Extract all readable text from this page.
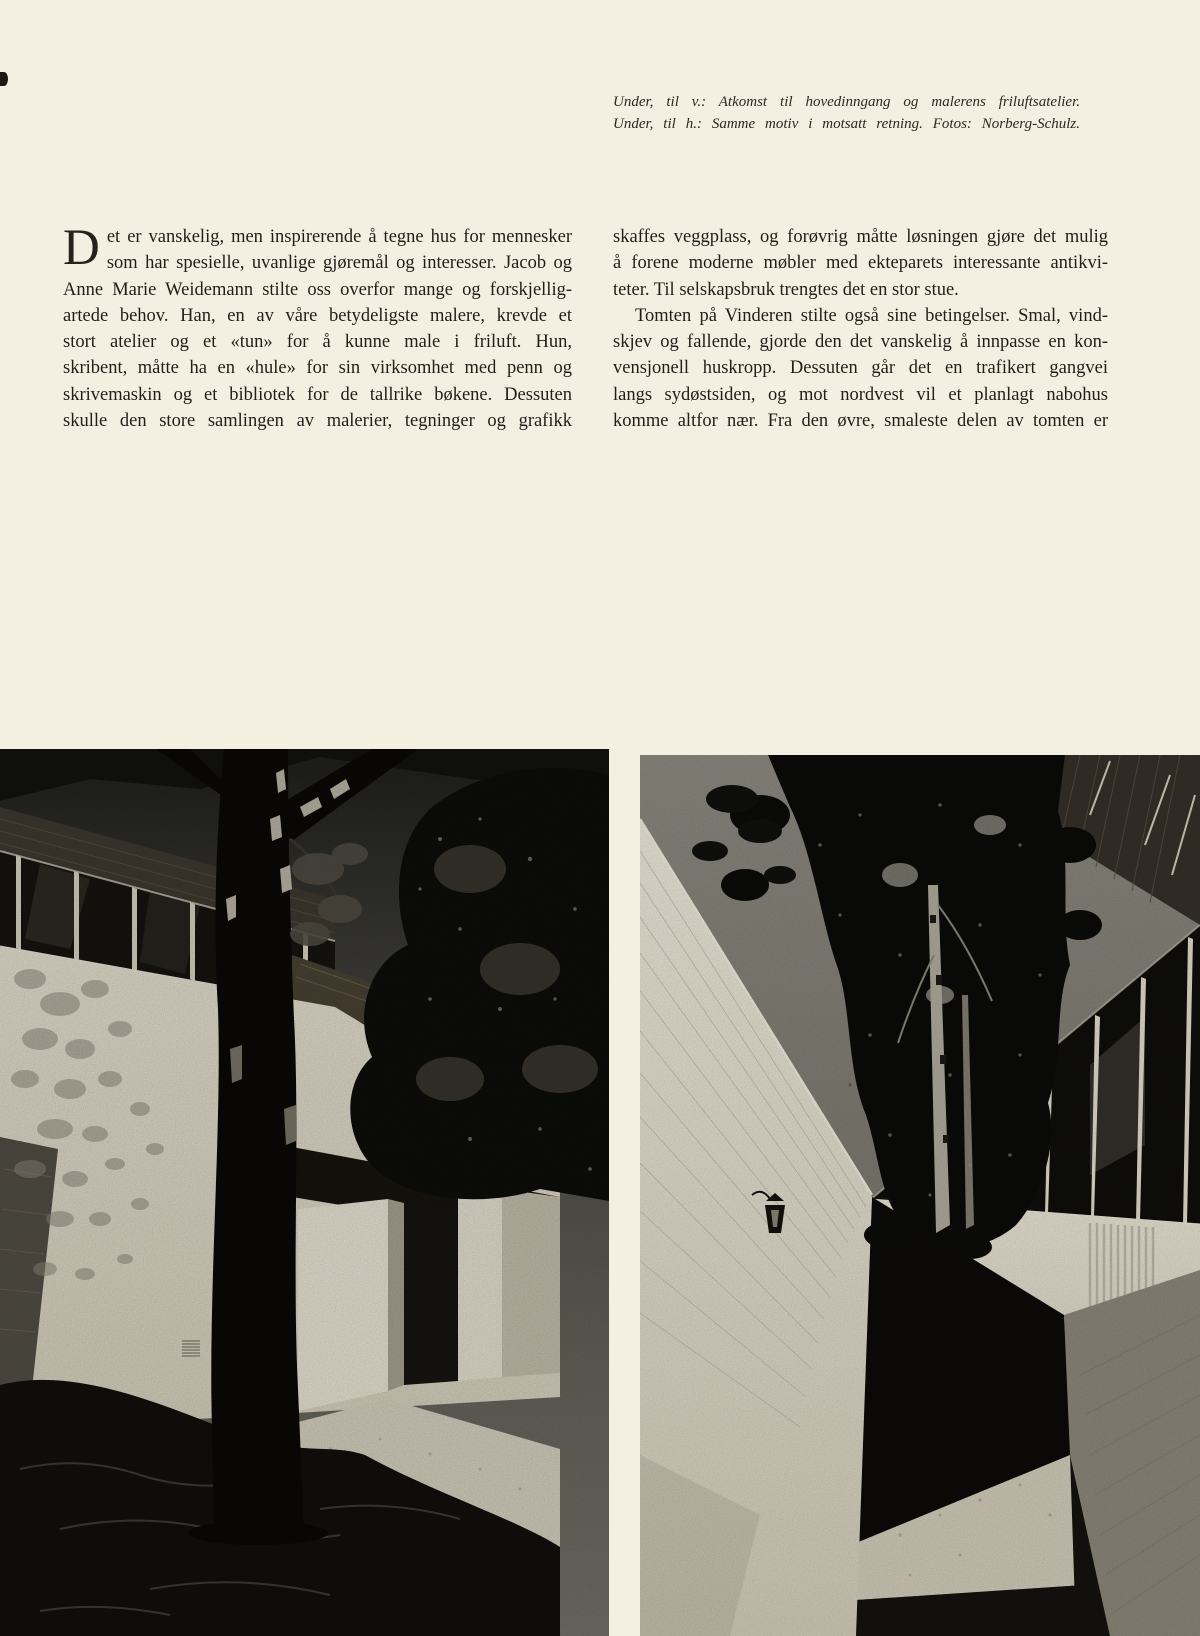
Under, til v.: Atkomst til hovedinngang og malerens friluftsatelier.
Under, til h.: Samme motiv i motsatt retning. Fotos: Norberg-Schulz.
D et er vanskelig, men inspirerende å tegne hus for mennesker
som har spesielle, uvanlige gjøremål og interesser. Jacob og
Anne Marie Weidemann stilte oss overfor mange og forskjellig-
artede behov. Han, en av våre betydeligste malere, krevde et
stort atelier og et «tun» for å kunne male i friluft. Hun,
skribent, måtte ha en «hule» for sin virksomhet med penn og
skrivemaskin og et bibliotek for de tallrike bøkene. Dessuten
skulle den store samlingen av malerier, tegninger og grafikk
skaffes veggplass, og forøvrig måtte løsningen gjøre det mulig
å forene moderne møbler med ekteparets interessante antikvi-
teter. Til selskapsbruk trengtes det en stor stue.
Tomten på Vinderen stilte også sine betingelser. Smal, vind-
skjev og fallende, gjorde den det vanskelig å innpasse en kon-
vensjonell huskropp. Dessuten går det en trafikert gangvei
langs sydøstsiden, og mot nordvest vil et planlagt nabohus
komme altfor nær. Fra den øvre, smaleste delen av tomten er
